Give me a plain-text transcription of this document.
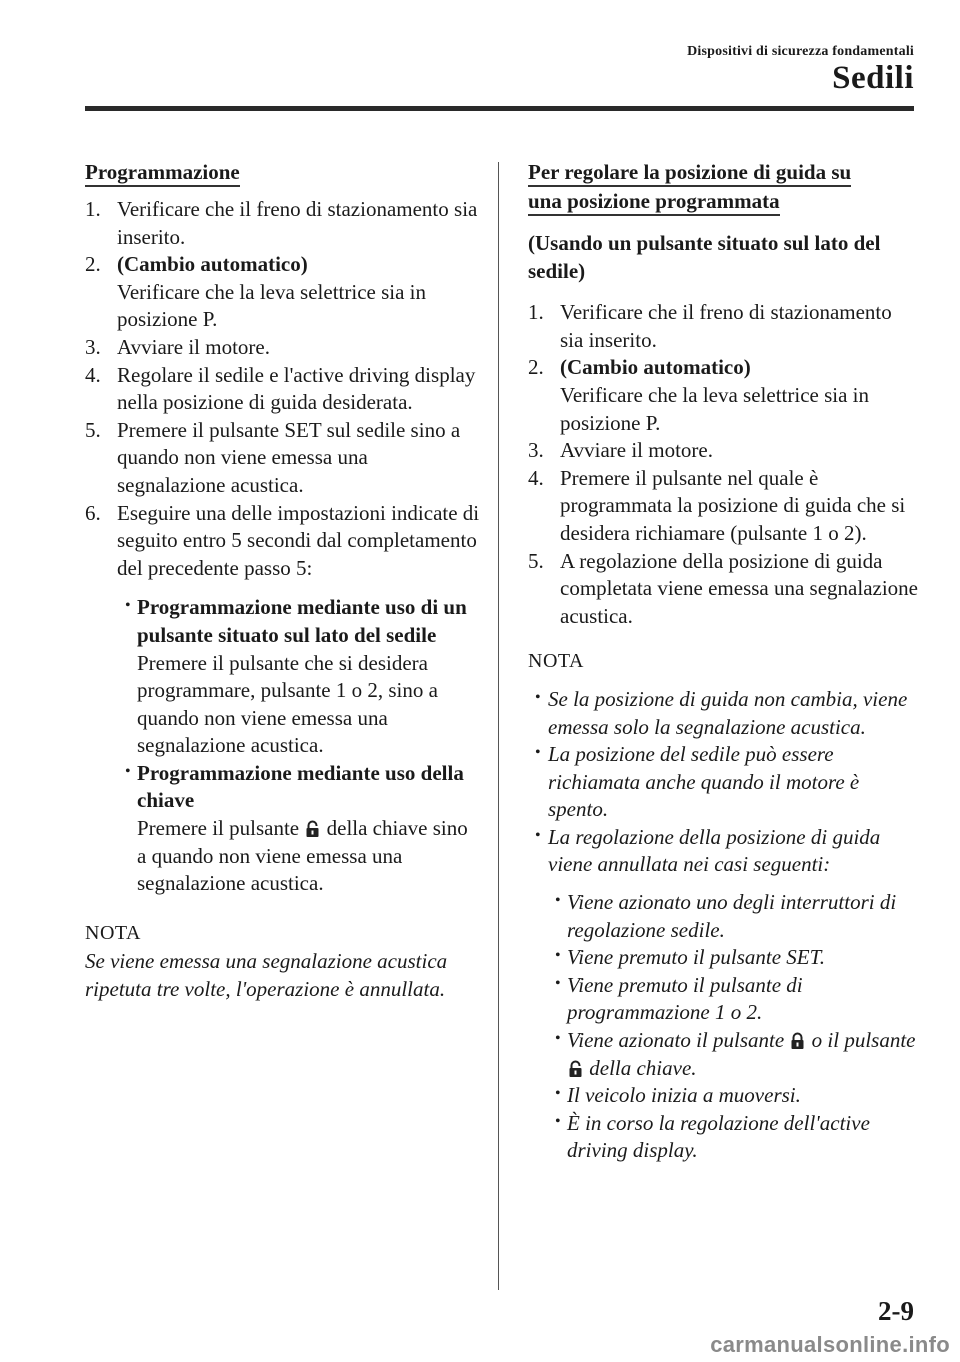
Dispositivi di sicurezza fondamentali
Sedili
Programmazione
1. Verificare che il freno di stazionamento sia inserito.
2. (Cambio automatico)
Verificare che la leva selettrice sia in posizione P.
3. Avviare il motore.
4. Regolare il sedile e l'active driving display nella posizione di guida desiderata.
5. Premere il pulsante SET sul sedile sino a quando non viene emessa una segnalazione acustica.
6. Eseguire una delle impostazioni indicate di seguito entro 5 secondi dal completamento del precedente passo 5:
• Programmazione mediante uso di un pulsante situato sul lato del sedile
Premere il pulsante che si desidera programmare, pulsante 1 o 2, sino a quando non viene emessa una segnalazione acustica.
• Programmazione mediante uso della chiave
Premere il pulsante della chiave sino a quando non viene emessa una segnalazione acustica.
NOTA
Se viene emessa una segnalazione acustica ripetuta tre volte, l'operazione è annullata.
Per regolare la posizione di guida su
una posizione programmata
(Usando un pulsante situato sul lato del sedile)
1. Verificare che il freno di stazionamento sia inserito.
2. (Cambio automatico)
Verificare che la leva selettrice sia in posizione P.
3. Avviare il motore.
4. Premere il pulsante nel quale è programmata la posizione di guida che si desidera richiamare (pulsante 1 o 2).
5. A regolazione della posizione di guida completata viene emessa una segnalazione acustica.
NOTA
• Se la posizione di guida non cambia, viene emessa solo la segnalazione acustica.
• La posizione del sedile può essere richiamata anche quando il motore è spento.
• La regolazione della posizione di guida viene annullata nei casi seguenti:
• Viene azionato uno degli interruttori di regolazione sedile.
• Viene premuto il pulsante SET.
• Viene premuto il pulsante di programmazione 1 o 2.
• Viene azionato il pulsante o il pulsante  della chiave.
• Il veicolo inizia a muoversi.
• È in corso la regolazione dell'active driving display.
2-9
carmanualsonline.info
